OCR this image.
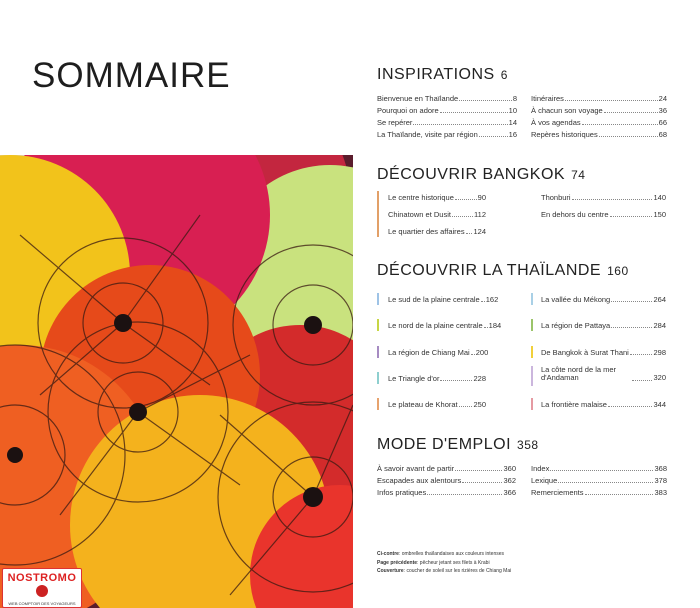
SOMMAIRE
NOSTROMO
WEB COMPTOIR DES VOYAGEURS
INSPIRATIONS 6
Bienvenue en Thaïlande	8
Pourquoi on adore	10
Se repérer	14
La Thaïlande, visite par région	16
Itinéraires	24
À chacun son voyage	36
À vos agendas	66
Repères historiques	68
DÉCOUVRIR BANGKOK 74
Le centre historique	90
Chinatown et Dusit	112
Le quartier des affaires 124
Thonburi	140
En dehors du centre	150
DÉCOUVRIR LA THAÏLANDE 160
Le sud de la plaine centrale 162
Le nord de la plaine centrale 184
La région de Chiang Mai 200
Le Triangle d'or	228
Le plateau de Khorat 250
La vallée du Mékong	264
La région de Pattaya	284
De Bangkok à Surat Thani	298
La côte nord de la mer d'Andaman	320
La frontière malaise	344
MODE D'EMPLOI 358
À savoir avant de partir	360
Escapades aux alentours	362
Infos pratiques	366
Index	368
Lexique	378
Remerciements	383
Ci-contre: ombrelles thaïlandaises aux couleurs intenses
Page précédente: pêcheur jetant ses filets à Krabi
Couverture: coucher de soleil sur les rizières de Chiang Mai
